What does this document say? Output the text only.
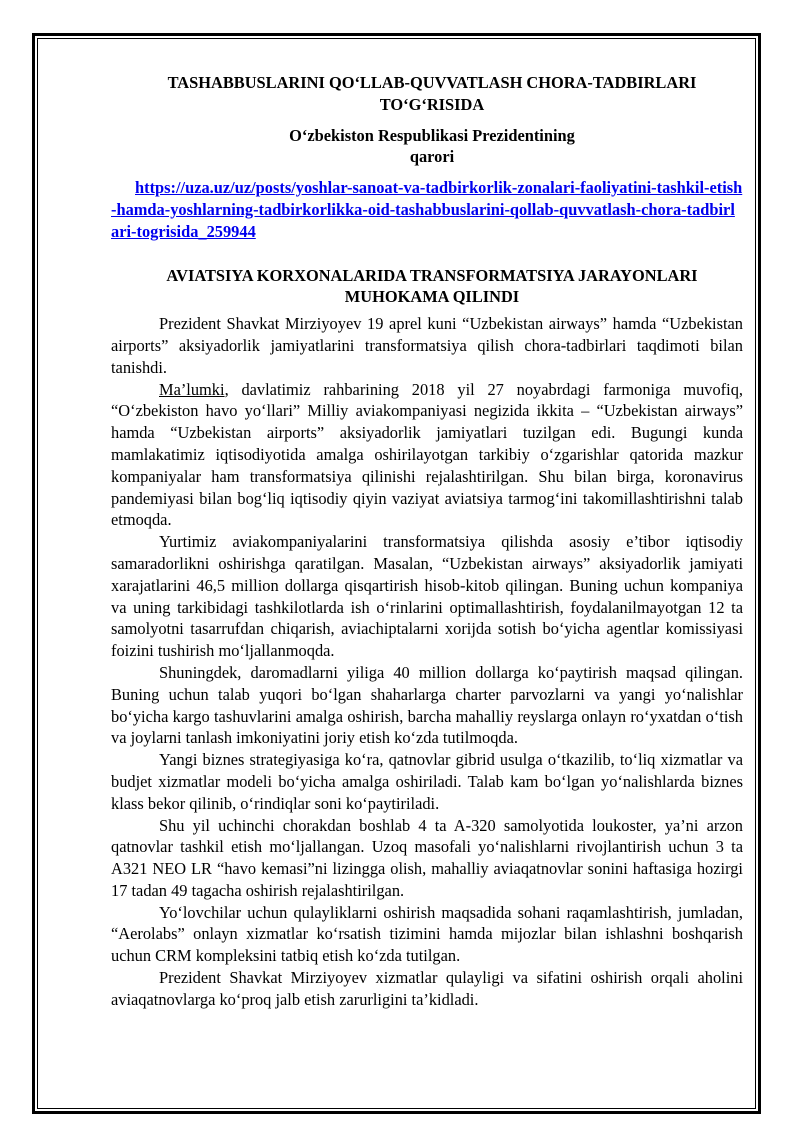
TASHABBUSLARINI QO‘LLAB-QUVVATLASH CHORA-TADBIRLARI TO‘G‘RISIDA

O‘zbekiston Respublikasi Prezidentining
qarori

https://uza.uz/uz/posts/yoshlar-sanoat-va-tadbirkorlik-zonalari-faoliyatini-tashkil-etish-hamda-yoshlarning-tadbirkorlikka-oid-tashabbuslarini-qollab-quvvatlash-chora-tadbirlari-togrisida_259944

AVIATSIYA KORXONALARIDA TRANSFORMATSIYA JARAYONLARI MUHOKAMA QILINDI

Prezident Shavkat Mirziyoyev 19 aprel kuni “Uzbekistan airways” hamda “Uzbekistan airports” aksiyadorlik jamiyatlarini transformatsiya qilish chora-tadbirlari taqdimoti bilan tanishdi.

Ma’lumki, davlatimiz rahbarining 2018 yil 27 noyabrdagi farmoniga muvofiq, “O‘zbekiston havo yo‘llari” Milliy aviakompaniyasi negizida ikkita – “Uzbekistan airways” hamda “Uzbekistan airports” aksiyadorlik jamiyatlari tuzilgan edi. Bugungi kunda mamlakatimiz iqtisodiyotida amalga oshirilayotgan tarkibiy o‘zgarishlar qatorida mazkur kompaniyalar ham transformatsiya qilinishi rejalashtirilgan. Shu bilan birga, koronavirus pandemiyasi bilan bog‘liq iqtisodiy qiyin vaziyat aviatsiya tarmog‘ini takomillashtirishni talab etmoqda.

Yurtimiz aviakompaniyalarini transformatsiya qilishda asosiy e’tibor iqtisodiy samaradorlikni oshirishga qaratilgan. Masalan, “Uzbekistan airways” aksiyadorlik jamiyati xarajatlarini 46,5 million dollarga qisqartirish hisob-kitob qilingan. Buning uchun kompaniya va uning tarkibidagi tashkilotlarda ish o‘rinlarini optimallashtirish, foydalanilmayotgan 12 ta samolyotni tasarrufdan chiqarish, aviachiptalarni xorijda sotish bo‘yicha agentlar komissiyasi foizini tushirish mo‘ljallanmoqda.

Shuningdek, daromadlarni yiliga 40 million dollarga ko‘paytirish maqsad qilingan. Buning uchun talab yuqori bo‘lgan shaharlarga charter parvozlarni va yangi yo‘nalishlar bo‘yicha kargo tashuvlarini amalga oshirish, barcha mahalliy reyslarga onlayn ro‘yxatdan o‘tish va joylarni tanlash imkoniyatini joriy etish ko‘zda tutilmoqda.

Yangi biznes strategiyasiga ko‘ra, qatnovlar gibrid usulga o‘tkazilib, to‘liq xizmatlar va budjet xizmatlar modeli bo‘yicha amalga oshiriladi. Talab kam bo‘lgan yo‘nalishlarda biznes klass bekor qilinib, o‘rindiqlar soni ko‘paytiriladi.

Shu yil uchinchi chorakdan boshlab 4 ta A-320 samolyotida loukoster, ya’ni arzon qatnovlar tashkil etish mo‘ljallangan. Uzoq masofali yo‘nalishlarni rivojlantirish uchun 3 ta A321 NEO LR “havo kemasi”ni lizingga olish, mahalliy aviaqatnovlar sonini haftasiga hozirgi 17 tadan 49 tagacha oshirish rejalashtirilgan.

Yo‘lovchilar uchun qulayliklarni oshirish maqsadida sohani raqamlashtirish, jumladan, “Aerolabs” onlayn xizmatlar ko‘rsatish tizimini hamda mijozlar bilan ishlashni boshqarish uchun CRM kompleksini tatbiq etish ko‘zda tutilgan.

Prezident Shavkat Mirziyoyev xizmatlar qulayligi va sifatini oshirish orqali aholini aviaqatnovlarga ko‘proq jalb etish zarurligini ta’kidladi.
